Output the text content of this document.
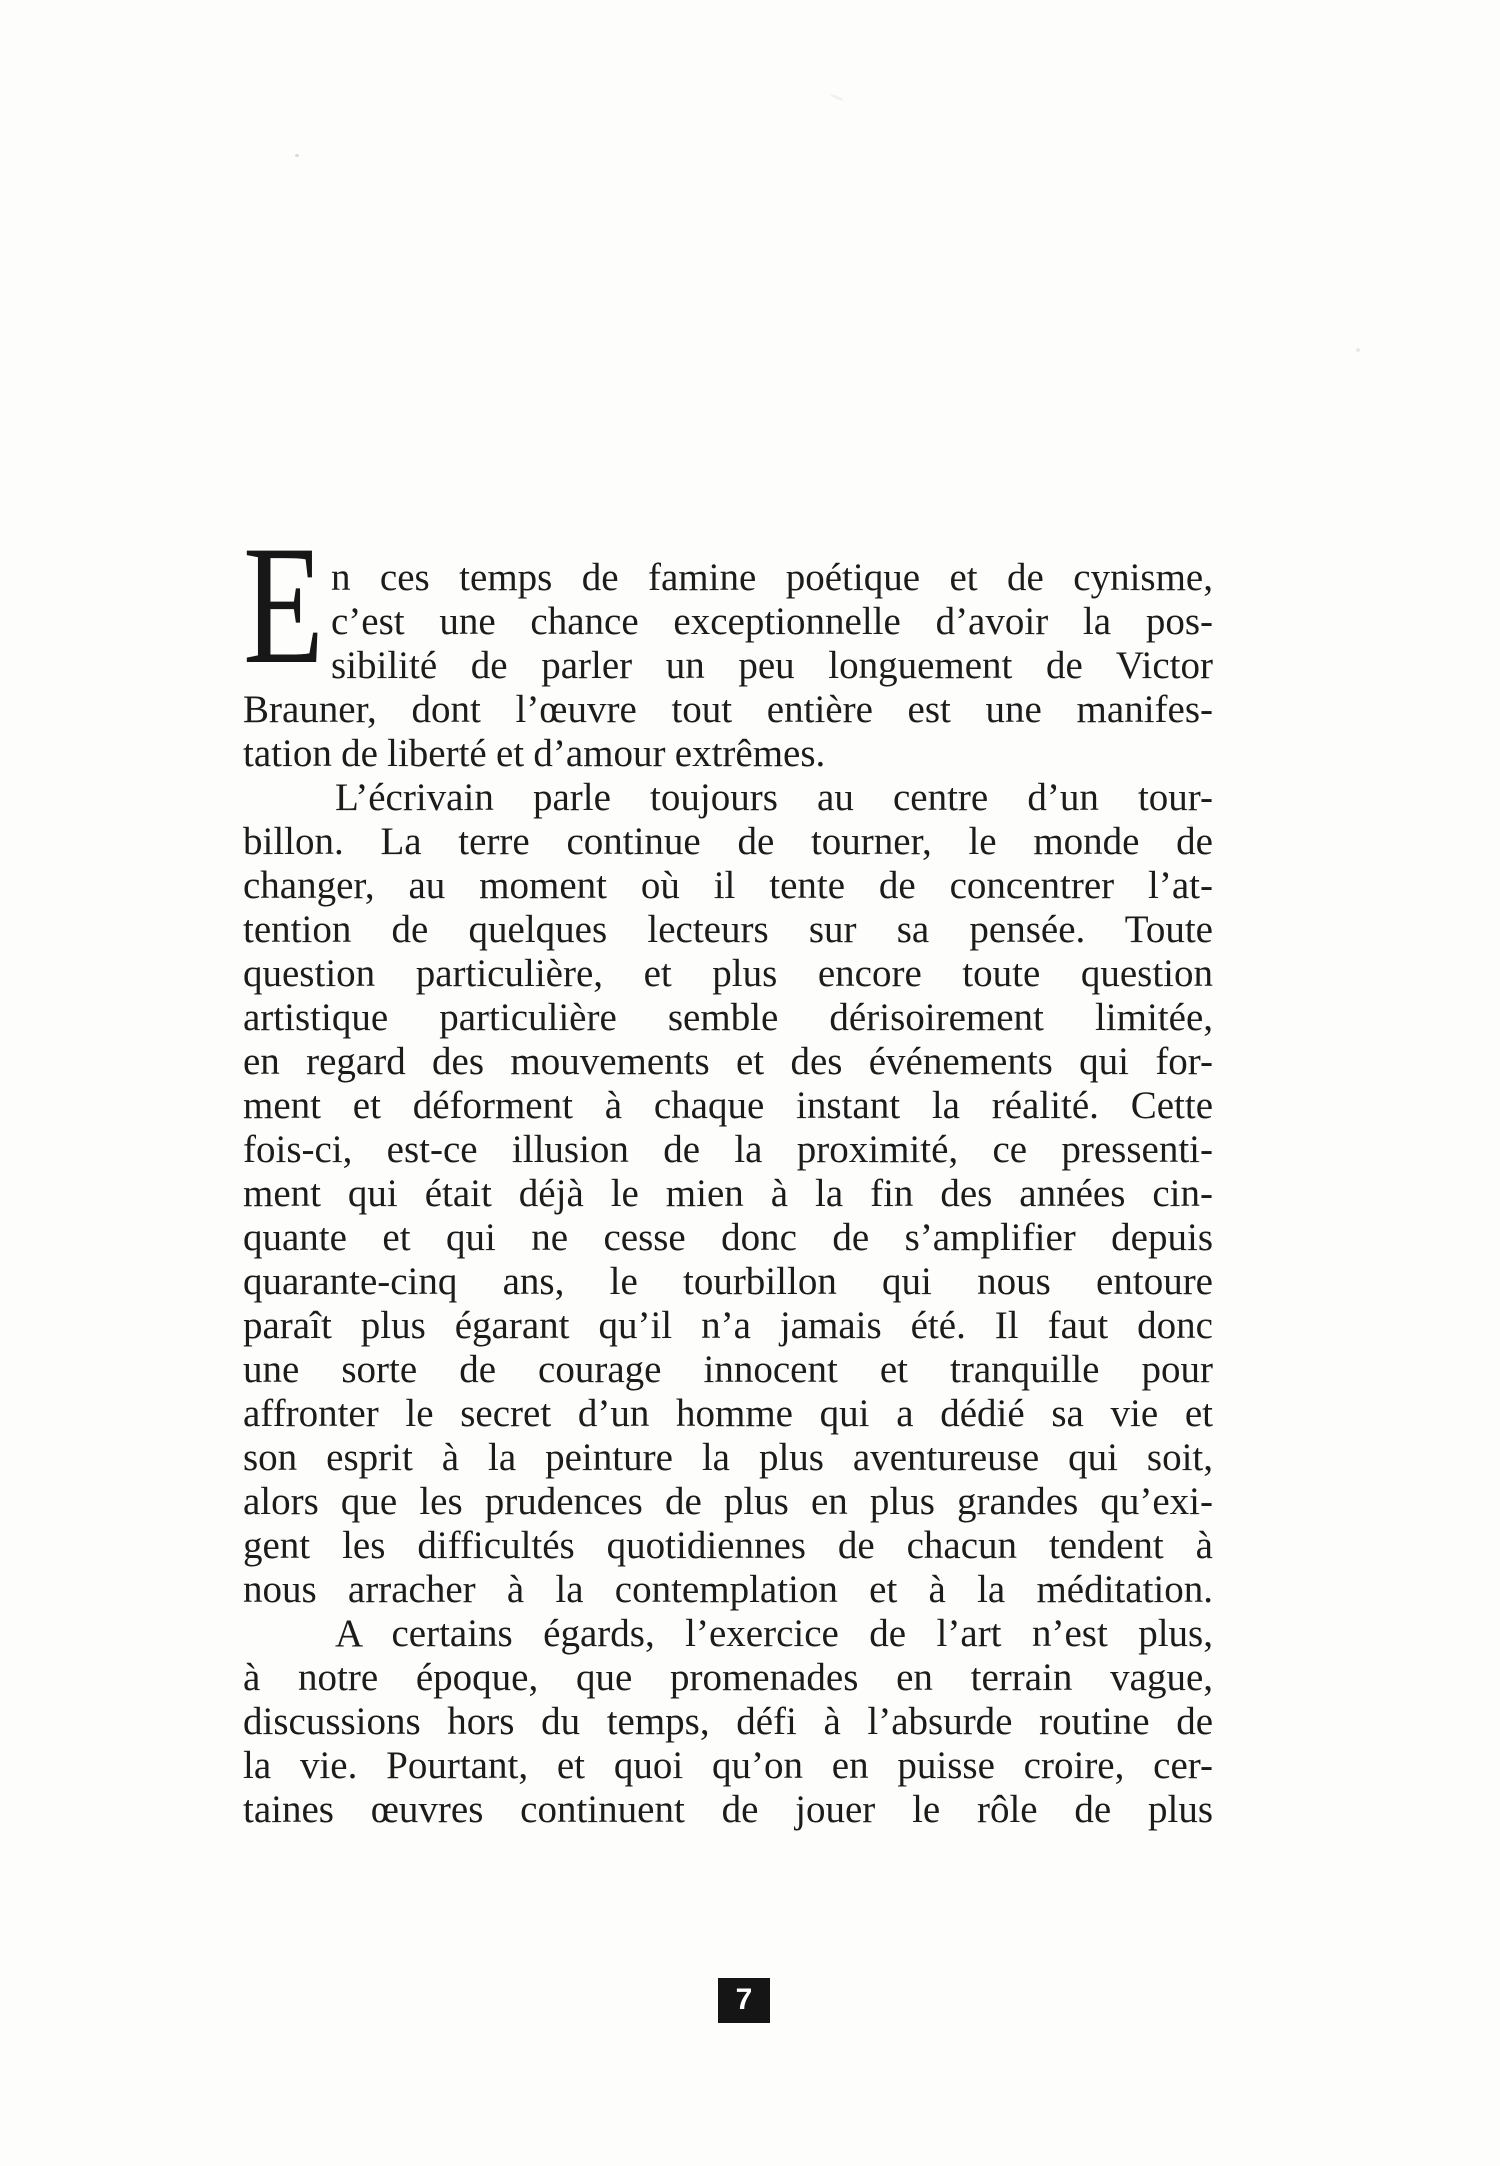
E n ces temps de famine poétique et de cynisme,
c’est une chance exceptionnelle d’avoir la pos-
sibilité de parler un peu longuement de Victor
Brauner, dont l’œuvre tout entière est une manifes-
tation de liberté et d’amour extrêmes.
L’écrivain parle toujours au centre d’un tour-
billon. La terre continue de tourner, le monde de
changer, au moment où il tente de concentrer l’at-
tention de quelques lecteurs sur sa pensée. Toute
question particulière, et plus encore toute question
artistique particulière semble dérisoirement limitée,
en regard des mouvements et des événements qui for-
ment et déforment à chaque instant la réalité. Cette
fois-ci, est-ce illusion de la proximité, ce pressenti-
ment qui était déjà le mien à la fin des années cin-
quante et qui ne cesse donc de s’amplifier depuis
quarante-cinq ans, le tourbillon qui nous entoure
paraît plus égarant qu’il n’a jamais été. Il faut donc
une sorte de courage innocent et tranquille pour
affronter le secret d’un homme qui a dédié sa vie et
son esprit à la peinture la plus aventureuse qui soit,
alors que les prudences de plus en plus grandes qu’exi-
gent les difficultés quotidiennes de chacun tendent à
nous arracher à la contemplation et à la méditation.
A certains égards, l’exercice de l’art n’est plus,
à notre époque, que promenades en terrain vague,
discussions hors du temps, défi à l’absurde routine de
la vie. Pourtant, et quoi qu’on en puisse croire, cer-
taines œuvres continuent de jouer le rôle de plus
7
